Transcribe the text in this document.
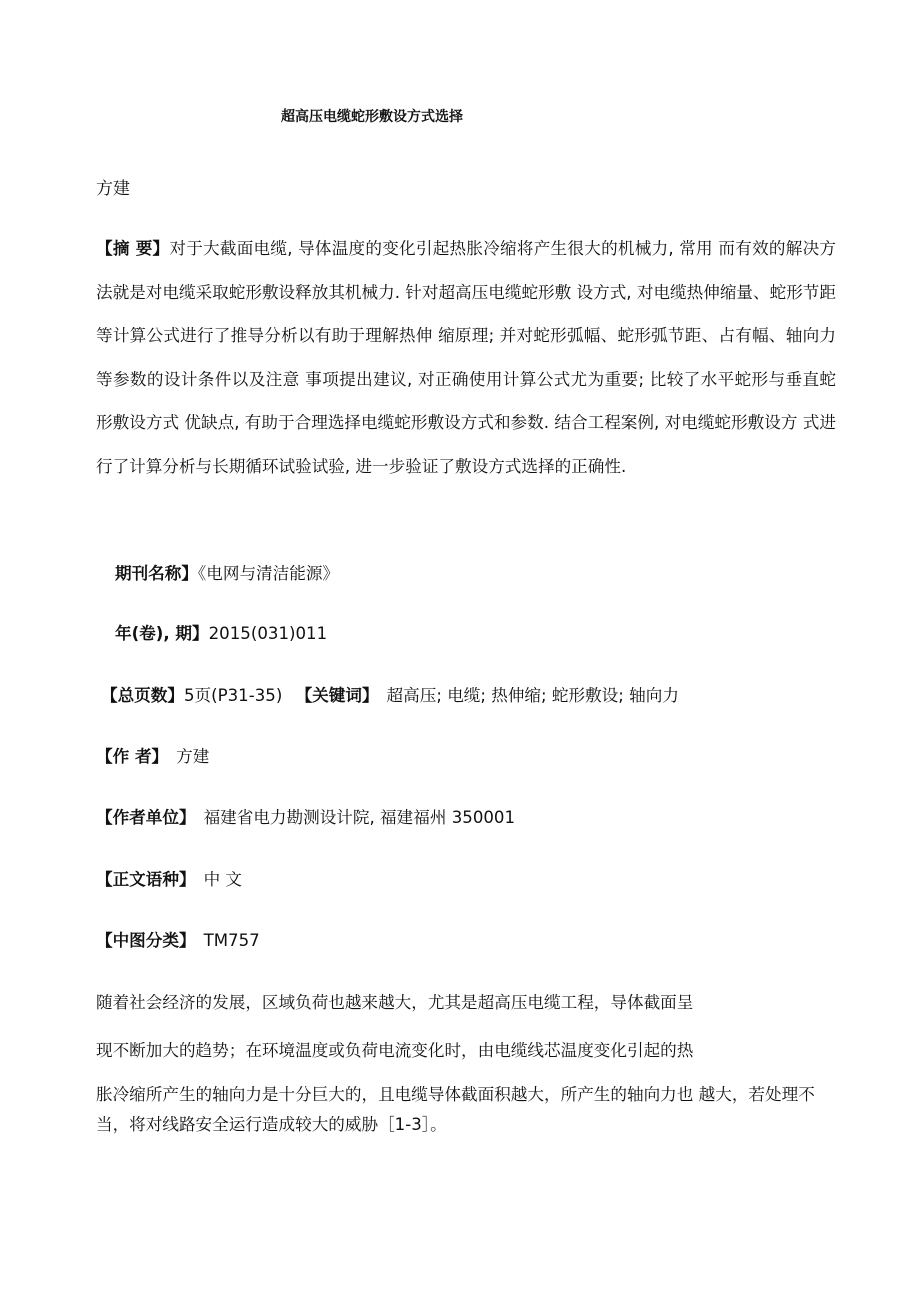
超高压电缆蛇形敷设方式选择
方建
【摘 要】对于大截面电缆, 导体温度的变化引起热胀冷缩将产生很大的机械力, 常用 而有效的解决方法就是对电缆采取蛇形敷设释放其机械力. 针对超高压电缆蛇形敷 设方式, 对电缆热伸缩量、蛇形节距等计算公式进行了推导分析以有助于理解热伸 缩原理; 并对蛇形弧幅、蛇形弧节距、占有幅、轴向力等参数的设计条件以及注意 事项提出建议, 对正确使用计算公式尤为重要; 比较了水平蛇形与垂直蛇形敷设方式 优缺点, 有助于合理选择电缆蛇形敷设方式和参数. 结合工程案例, 对电缆蛇形敷设方 式进行了计算分析与长期循环试验试验, 进一步验证了敷设方式选择的正确性.
期刊名称】《电网与清洁能源》
年(卷), 期】2015(031)011
【总页数】5页(P31-35) 【关键词】 超高压; 电缆; 热伸缩; 蛇形敷设; 轴向力
【作 者】 方建
【作者单位】 福建省电力勘测设计院, 福建福州 350001
【正文语种】 中 文
【中图分类】 TM757
随着社会经济的发展，区域负荷也越来越大，尤其是超高压电缆工程，导体截面呈
现不断加大的趋势；在环境温度或负荷电流变化时，由电缆线芯温度变化引起的热
胀冷缩所产生的轴向力是十分巨大的，且电缆导体截面积越大，所产生的轴向力也 越大，若处理不当，将对线路安全运行造成较大的威胁［1-3］。
